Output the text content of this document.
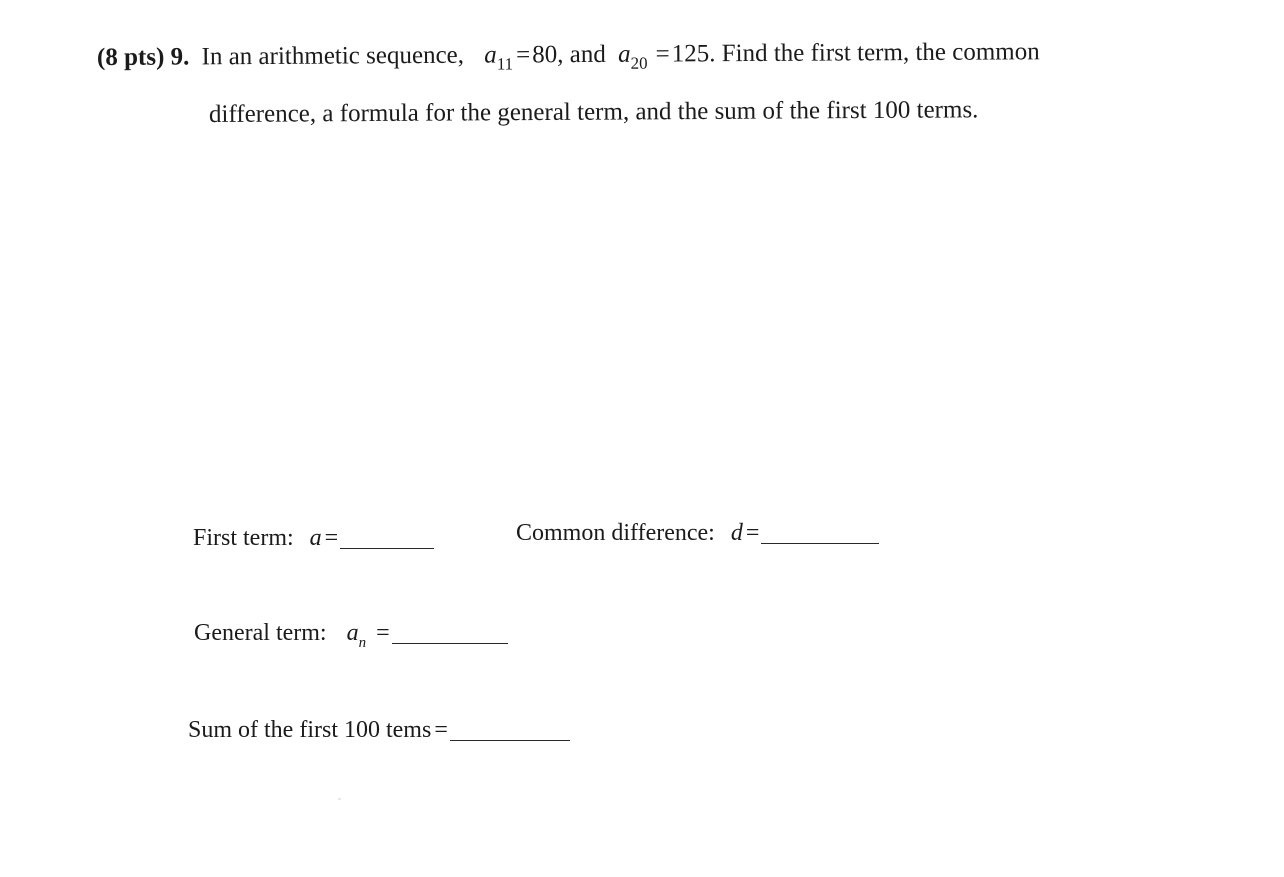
(8 pts) 9. In an arithmetic sequence, $a_{11} =80$, and $a_{20} =125$. Find the first term, the common
difference, a formula for the general term, and the sum of the first 100 terms.
First term: a =	Common difference: d =
General term: $a_n$ =
Sum of the first 100 tems =
